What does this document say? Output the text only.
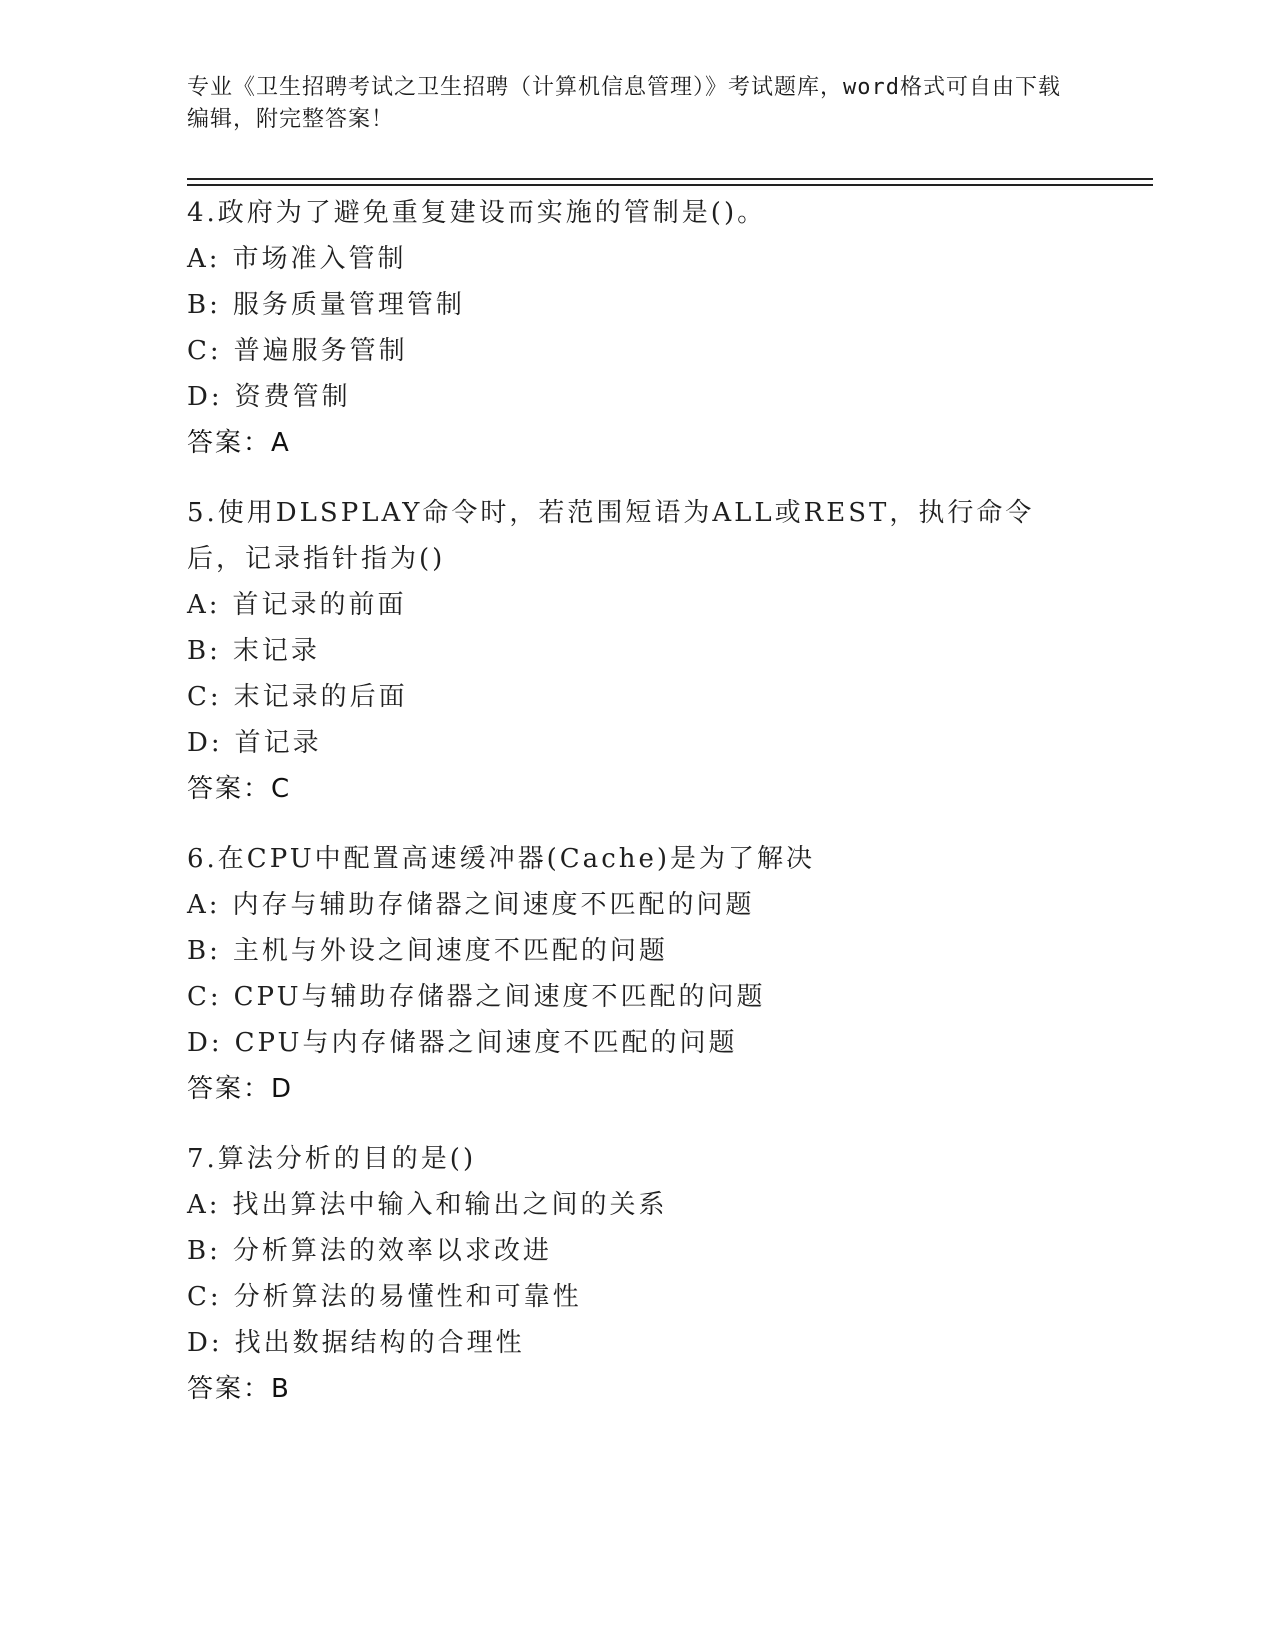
专业《卫生招聘考试之卫生招聘（计算机信息管理）》考试题库，word格式可自由下载编辑，附完整答案！
4.政府为了避免重复建设而实施的管制是()。
A: 市场准入管制
B: 服务质量管理管制
C: 普遍服务管制
D: 资费管制
答案：A
5.使用DLSPLAY命令时，若范围短语为ALL或REST，执行命令后，记录指针指为()
A: 首记录的前面
B: 末记录
C: 末记录的后面
D: 首记录
答案：C
6.在CPU中配置高速缓冲器(Cache)是为了解决
A: 内存与辅助存储器之间速度不匹配的问题
B: 主机与外设之间速度不匹配的问题
C: CPU与辅助存储器之间速度不匹配的问题
D: CPU与内存储器之间速度不匹配的问题
答案：D
7.算法分析的目的是()
A: 找出算法中输入和输出之间的关系
B: 分析算法的效率以求改进
C: 分析算法的易懂性和可靠性
D: 找出数据结构的合理性
答案：B
